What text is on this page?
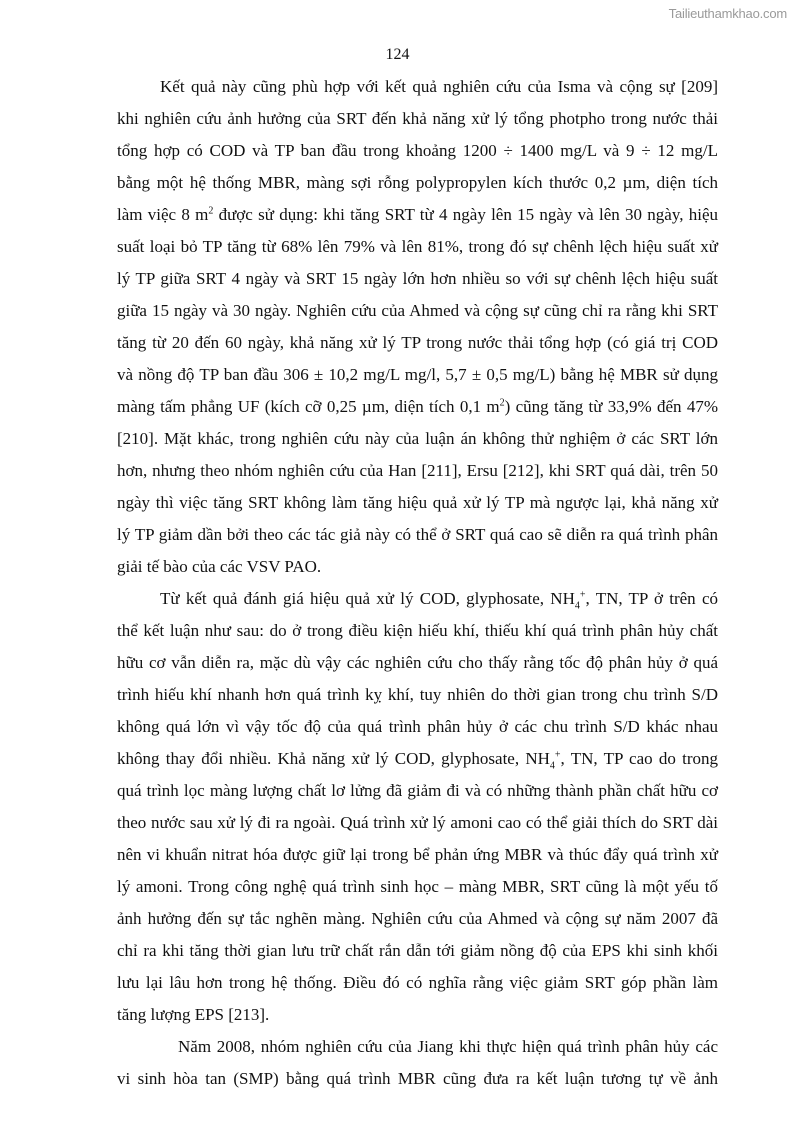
Tailieuthamkhao.com
124
Kết quả này cũng phù hợp với kết quả nghiên cứu của Isma và cộng sự [209]
khi nghiên cứu ảnh hưởng của SRT đến khả năng xử lý tổng photpho trong nước thải
tổng hợp có COD và TP ban đầu trong khoảng 1200 ÷ 1400 mg/L và 9 ÷ 12 mg/L
bằng một hệ thống MBR, màng sợi rỗng polypropylen kích thước 0,2 µm, diện tích
làm việc 8 $m^2$ được sử dụng: khi tăng SRT từ 4 ngày lên 15 ngày và lên 30 ngày, hiệu
suất loại bỏ TP tăng từ 68% lên 79% và lên 81%, trong đó sự chênh lệch hiệu suất xử
lý TP giữa SRT 4 ngày và SRT 15 ngày lớn hơn nhiều so với sự chênh lệch hiệu suất
giữa 15 ngày và 30 ngày. Nghiên cứu của Ahmed và cộng sự cũng chỉ ra rằng khi SRT
tăng từ 20 đến 60 ngày, khả năng xử lý TP trong nước thải tổng hợp (có giá trị COD
và nồng độ TP ban đầu 306 ± 10,2 mg/L mg/l, 5,7 ± 0,5 mg/L) bằng hệ MBR sử dụng
màng tấm phẳng UF (kích cỡ 0,25 µm, diện tích 0,1 $m^2$) cũng tăng từ 33,9% đến 47%
[210]. Mặt khác, trong nghiên cứu này của luận án không thử nghiệm ở các SRT lớn
hơn, nhưng theo nhóm nghiên cứu của Han [211], Ersu [212], khi SRT quá dài, trên 50
ngày thì việc tăng SRT không làm tăng hiệu quả xử lý TP mà ngược lại, khả năng xử
lý TP giảm dần bởi theo các tác giả này có thể ở SRT quá cao sẽ diễn ra quá trình phân
giải tế bào của các VSV PAO.
Từ kết quả đánh giá hiệu quả xử lý COD, glyphosate, $NH_4^+$, TN, TP ở trên có
thể kết luận như sau: do ở trong điều kiện hiếu khí, thiếu khí quá trình phân hủy chất
hữu cơ vẫn diễn ra, mặc dù vậy các nghiên cứu cho thấy rằng tốc độ phân hủy ở quá
trình hiếu khí nhanh hơn quá trình kỵ khí, tuy nhiên do thời gian trong chu trình S/D
không quá lớn vì vậy tốc độ của quá trình phân hủy ở các chu trình S/D khác nhau
không thay đổi nhiều. Khả năng xử lý COD, glyphosate, $NH_4^+$, TN, TP cao do trong
quá trình lọc màng lượng chất lơ lửng đã giảm đi và có những thành phần chất hữu cơ
theo nước sau xử lý đi ra ngoài. Quá trình xử lý amoni cao có thể giải thích do SRT dài
nên vi khuẩn nitrat hóa được giữ lại trong bể phản ứng MBR và thúc đẩy quá trình xử
lý amoni. Trong công nghệ quá trình sinh học – màng MBR, SRT cũng là một yếu tố
ảnh hưởng đến sự tắc nghẽn màng. Nghiên cứu của Ahmed và cộng sự năm 2007 đã
chỉ ra khi tăng thời gian lưu trữ chất rắn dẫn tới giảm nồng độ của EPS khi sinh khối
lưu lại lâu hơn trong hệ thống. Điều đó có nghĩa rằng việc giảm SRT góp phần làm
tăng lượng EPS [213].
Năm 2008, nhóm nghiên cứu của Jiang khi thực hiện quá trình phân hủy các
vi sinh hòa tan (SMP) bằng quá trình MBR cũng đưa ra kết luận tương tự về ảnh
